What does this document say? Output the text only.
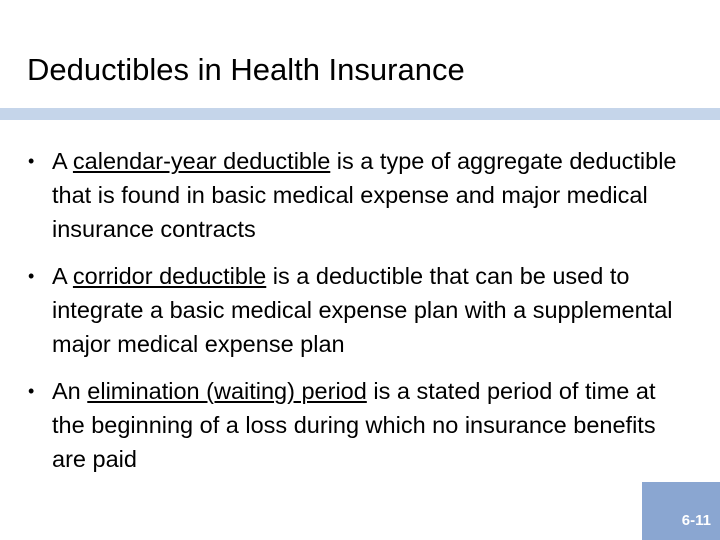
Deductibles in Health Insurance
• A calendar-year deductible is a type of aggregate deductible that is found in basic medical expense and major medical insurance contracts
• A corridor deductible is a deductible that can be used to integrate a basic medical expense plan with a supplemental major medical expense plan
• An elimination (waiting) period is a stated period of time at the beginning of a loss during which no insurance benefits are paid

6-11
